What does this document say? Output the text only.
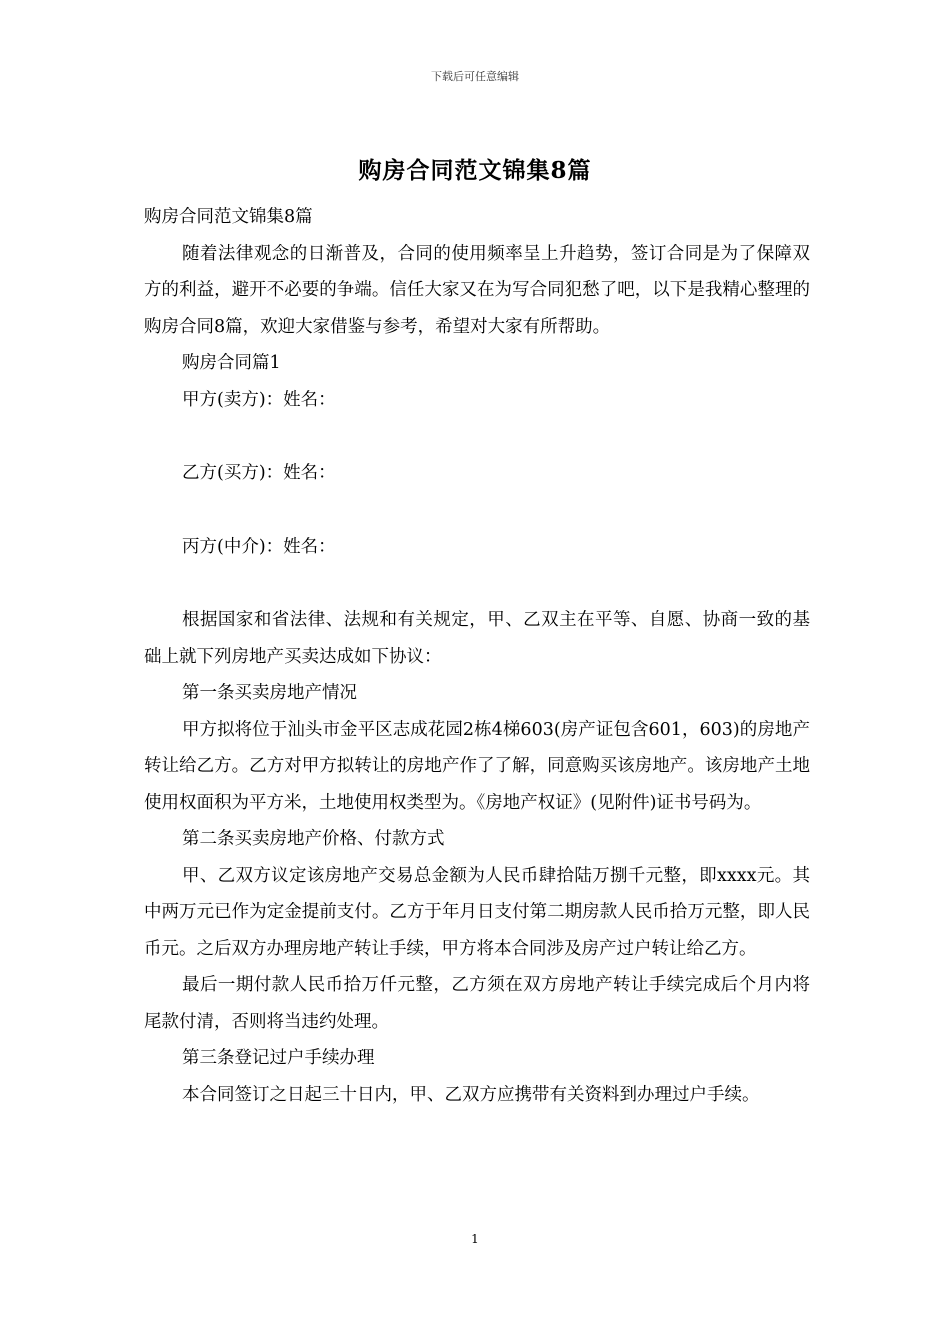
下载后可任意编辑
购房合同范文锦集8篇

购房合同范文锦集8篇

随着法律观念的日渐普及，合同的使用频率呈上升趋势，签订合同是为了保障双方的利益，避开不必要的争端。信任大家又在为写合同犯愁了吧，以下是我精心整理的购房合同8篇，欢迎大家借鉴与参考，希望对大家有所帮助。

购房合同篇1

甲方(卖方)：姓名：

乙方(买方)：姓名：

丙方(中介)：姓名：

根据国家和省法律、法规和有关规定，甲、乙双主在平等、自愿、协商一致的基础上就下列房地产买卖达成如下协议：

第一条买卖房地产情况

甲方拟将位于汕头市金平区志成花园2栋4梯603(房产证包含601，603)的房地产转让给乙方。乙方对甲方拟转让的房地产作了了解，同意购买该房地产。该房地产土地使用权面积为平方米，土地使用权类型为。《房地产权证》(见附件)证书号码为。

第二条买卖房地产价格、付款方式

甲、乙双方议定该房地产交易总金额为人民币肆拾陆万捌千元整，即xxxx元。其中两万元已作为定金提前支付。乙方于年月日支付第二期房款人民币拾万元整，即人民币元。之后双方办理房地产转让手续，甲方将本合同涉及房产过户转让给乙方。

最后一期付款人民币拾万仟元整，乙方须在双方房地产转让手续完成后个月内将尾款付清，否则将当违约处理。

第三条登记过户手续办理

本合同签订之日起三十日内，甲、乙双方应携带有关资料到办理过户手续。

1
